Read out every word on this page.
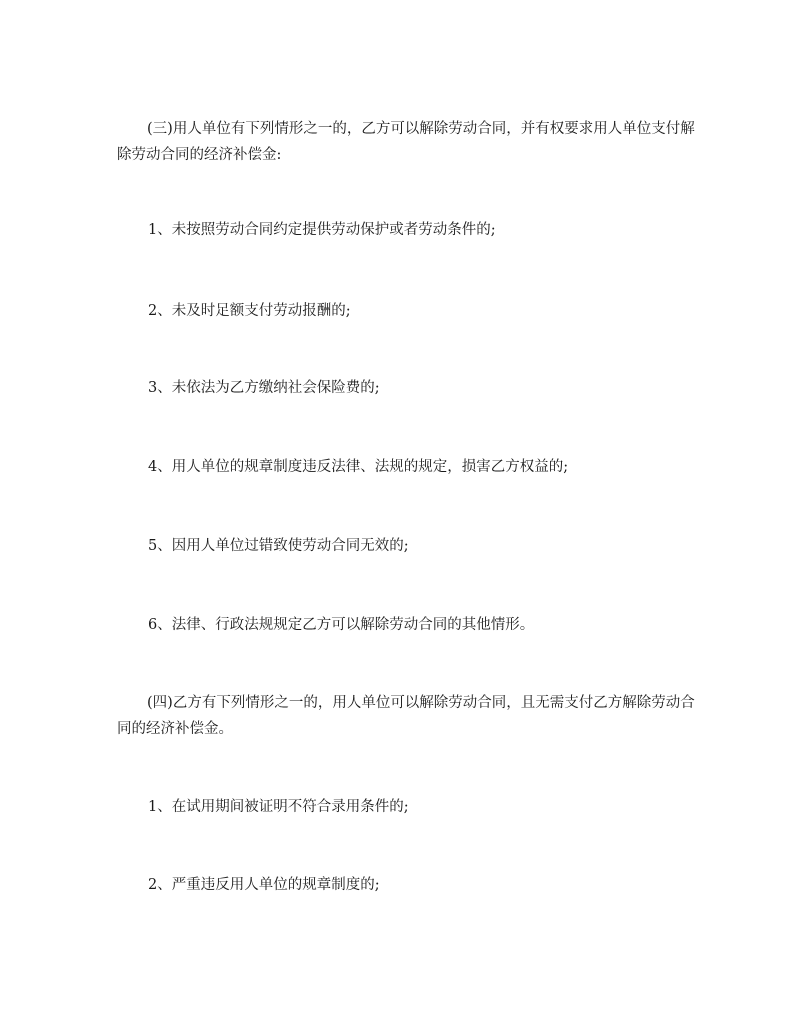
(三)用人单位有下列情形之一的，乙方可以解除劳动合同，并有权要求用人单位支付解除劳动合同的经济补偿金:

1、未按照劳动合同约定提供劳动保护或者劳动条件的;

2、未及时足额支付劳动报酬的;

3、未依法为乙方缴纳社会保险费的;

4、用人单位的规章制度违反法律、法规的规定，损害乙方权益的;

5、因用人单位过错致使劳动合同无效的;

6、法律、行政法规规定乙方可以解除劳动合同的其他情形。

(四)乙方有下列情形之一的，用人单位可以解除劳动合同，且无需支付乙方解除劳动合同的经济补偿金。

1、在试用期间被证明不符合录用条件的;

2、严重违反用人单位的规章制度的;
